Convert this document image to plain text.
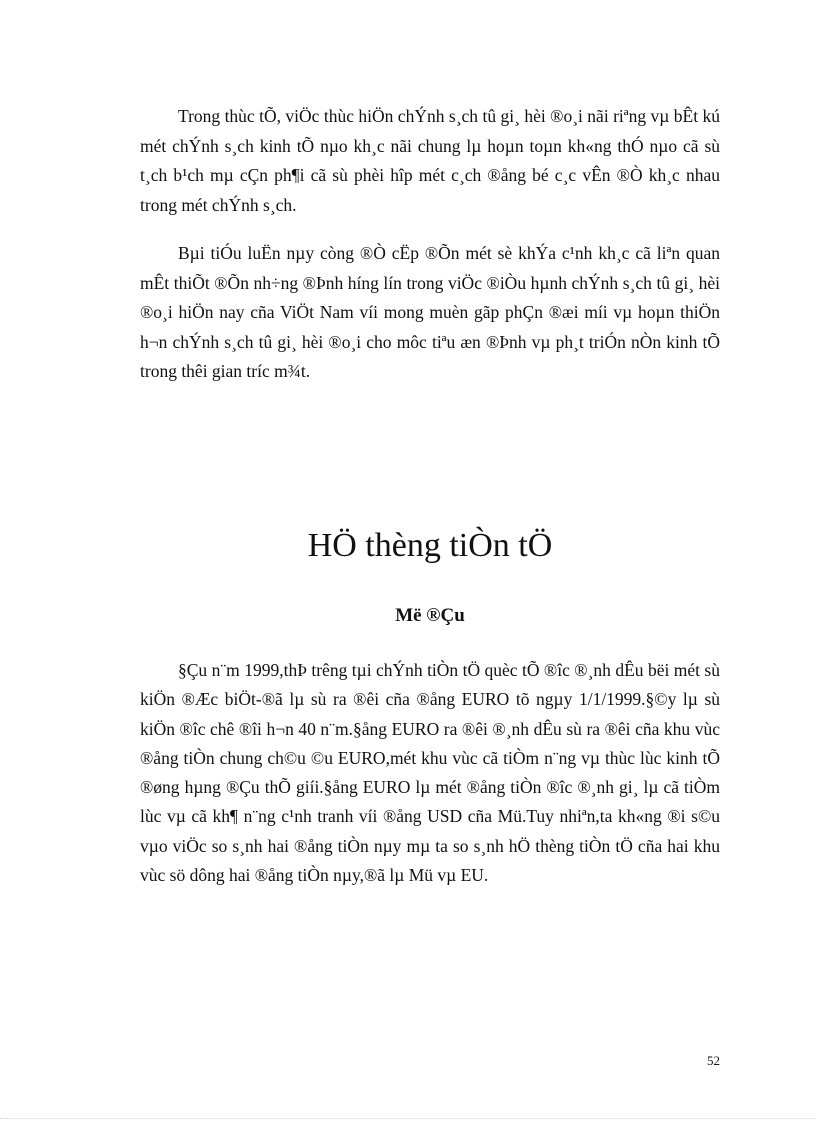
Trong thùc tÕ, viÖc thùc hiÖn chÝnh s¸ch tû gi¸ hèi ®o¸i nãi riªng vµ bÊt kú mét chÝnh s¸ch kinh tÕ nµo kh¸c nãi chung lµ hoµn toµn kh«ng thÓ nµo cã sù t¸ch b¹ch mµ cÇn ph¶i cã sù phèi hîp mét c¸ch ®ång bé c¸c vÊn ®Ò kh¸c nhau trong mét chÝnh s¸ch.

Bµi tiÓu luËn nµy còng ®Ò cËp ®Õn mét sè khÝa c¹nh kh¸c cã liªn quan mÊt thiÕt ®Õn nh÷ng ®Þnh híng lín trong viÖc ®iÒu hµnh chÝnh s¸ch tû gi¸ hèi ®o¸i hiÖn nay cña ViÖt Nam víi mong muèn gãp phÇn ®æi míi vµ hoµn thiÖn h¬n chÝnh s¸ch tû gi¸ hèi ®o¸i cho môc tiªu æn ®Þnh vµ ph¸t triÓn nÒn kinh tÕ trong thêi gian tríc m¾t.

HÖ thèng tiÒn tÖ
Më ®Çu

§Çu n¨m 1999,thÞ trêng tµi chÝnh tiÒn tÖ quèc tÕ ®îc ®¸nh dÊu bëi mét sù kiÖn ®Æc biÖt-®ã lµ sù ra ®êi cña ®ång EURO tõ ngµy 1/1/1999.§©y lµ sù kiÖn ®îc chê ®îi h¬n 40 n¨m.§ång EURO ra ®êi ®¸nh dÊu sù ra ®êi cña khu vùc ®ång tiÒn chung ch©u ©u EURO,mét khu vùc cã tiÒm n¨ng vµ thùc lùc kinh tÕ ®øng hµng ®Çu thÕ giíi.§ång EURO lµ mét ®ång tiÒn ®îc ®¸nh gi¸ lµ cã tiÒm lùc vµ cã kh¶ n¨ng c¹nh tranh víi ®ång USD cña Mü.Tuy nhiªn,ta kh«ng ®i s©u vµo viÖc so s¸nh hai ®ång tiÒn nµy mµ ta so s¸nh hÖ thèng tiÒn tÖ cña hai khu vùc sö dông hai ®ång tiÒn nµy,®ã lµ Mü vµ EU.

52
